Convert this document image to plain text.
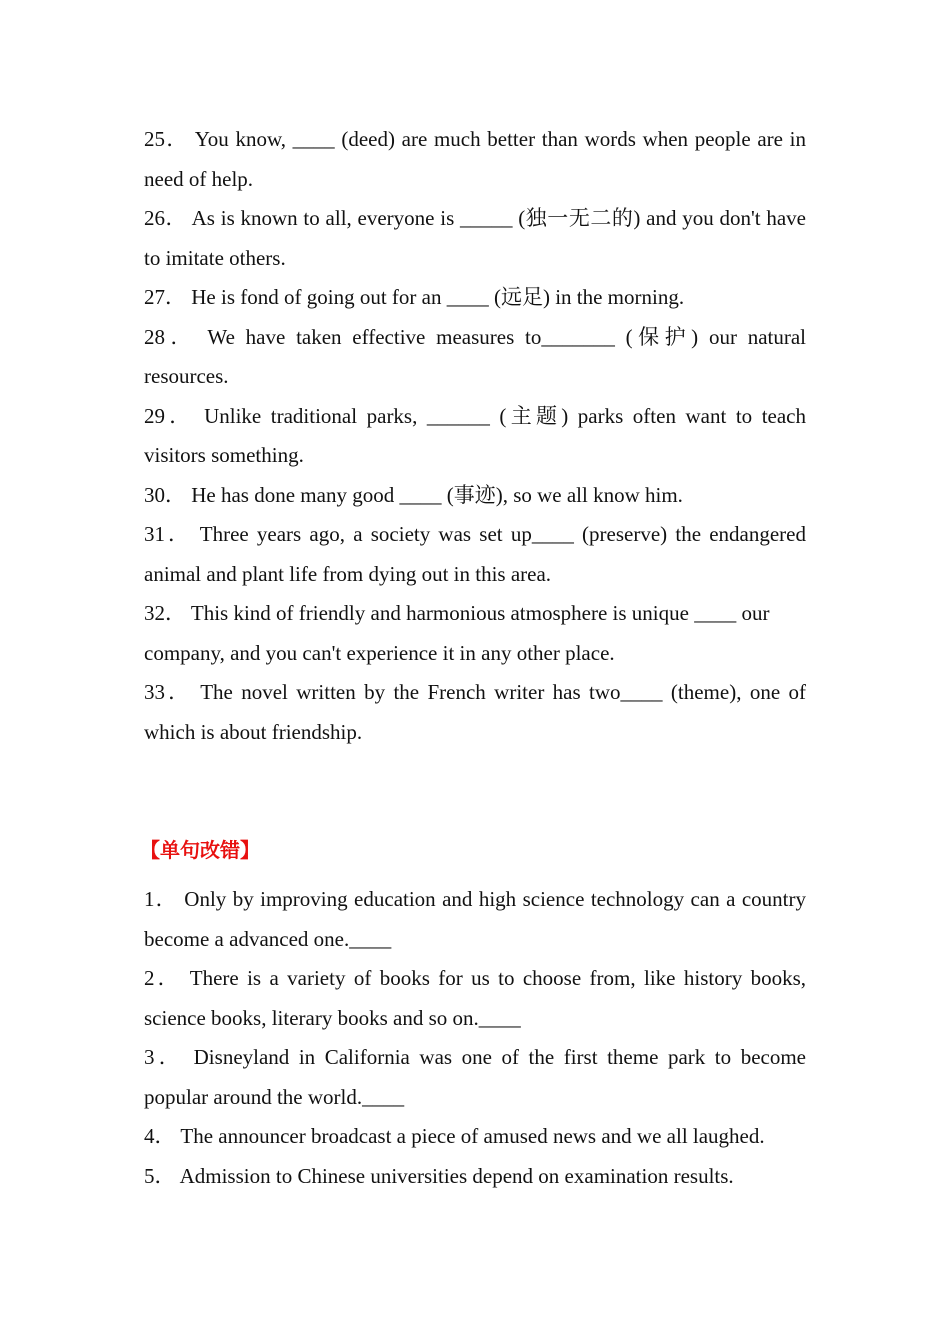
25． You know, ____ (deed) are much better than words when people are in need of help.

26． As is known to all, everyone is _____ (独一无二的) and you don't have to imitate others.

27． He is fond of going out for an ____ (远足) in the morning.

28． We have taken effective measures to_______ (保护) our natural resources.

29． Unlike traditional parks, ______ (主题) parks often want to teach visitors something.

30． He has done many good ____ (事迹), so we all know him.

31． Three years ago, a society was set up____ (preserve) the endangered animal and plant life from dying out in this area.

32． This kind of friendly and harmonious atmosphere is unique ____ our company, and you can't experience it in any other place.

33． The novel written by the French writer has two____ (theme), one of which is about friendship.

【单句改错】

1． Only by improving education and high science technology can a country become a advanced one.____

2． There is a variety of books for us to choose from, like history books, science books, literary books and so on.____

3． Disneyland in California was one of the first theme park to become popular around the world.____

4． The announcer broadcast a piece of amused news and we all laughed.

5． Admission to Chinese universities depend on examination results.
